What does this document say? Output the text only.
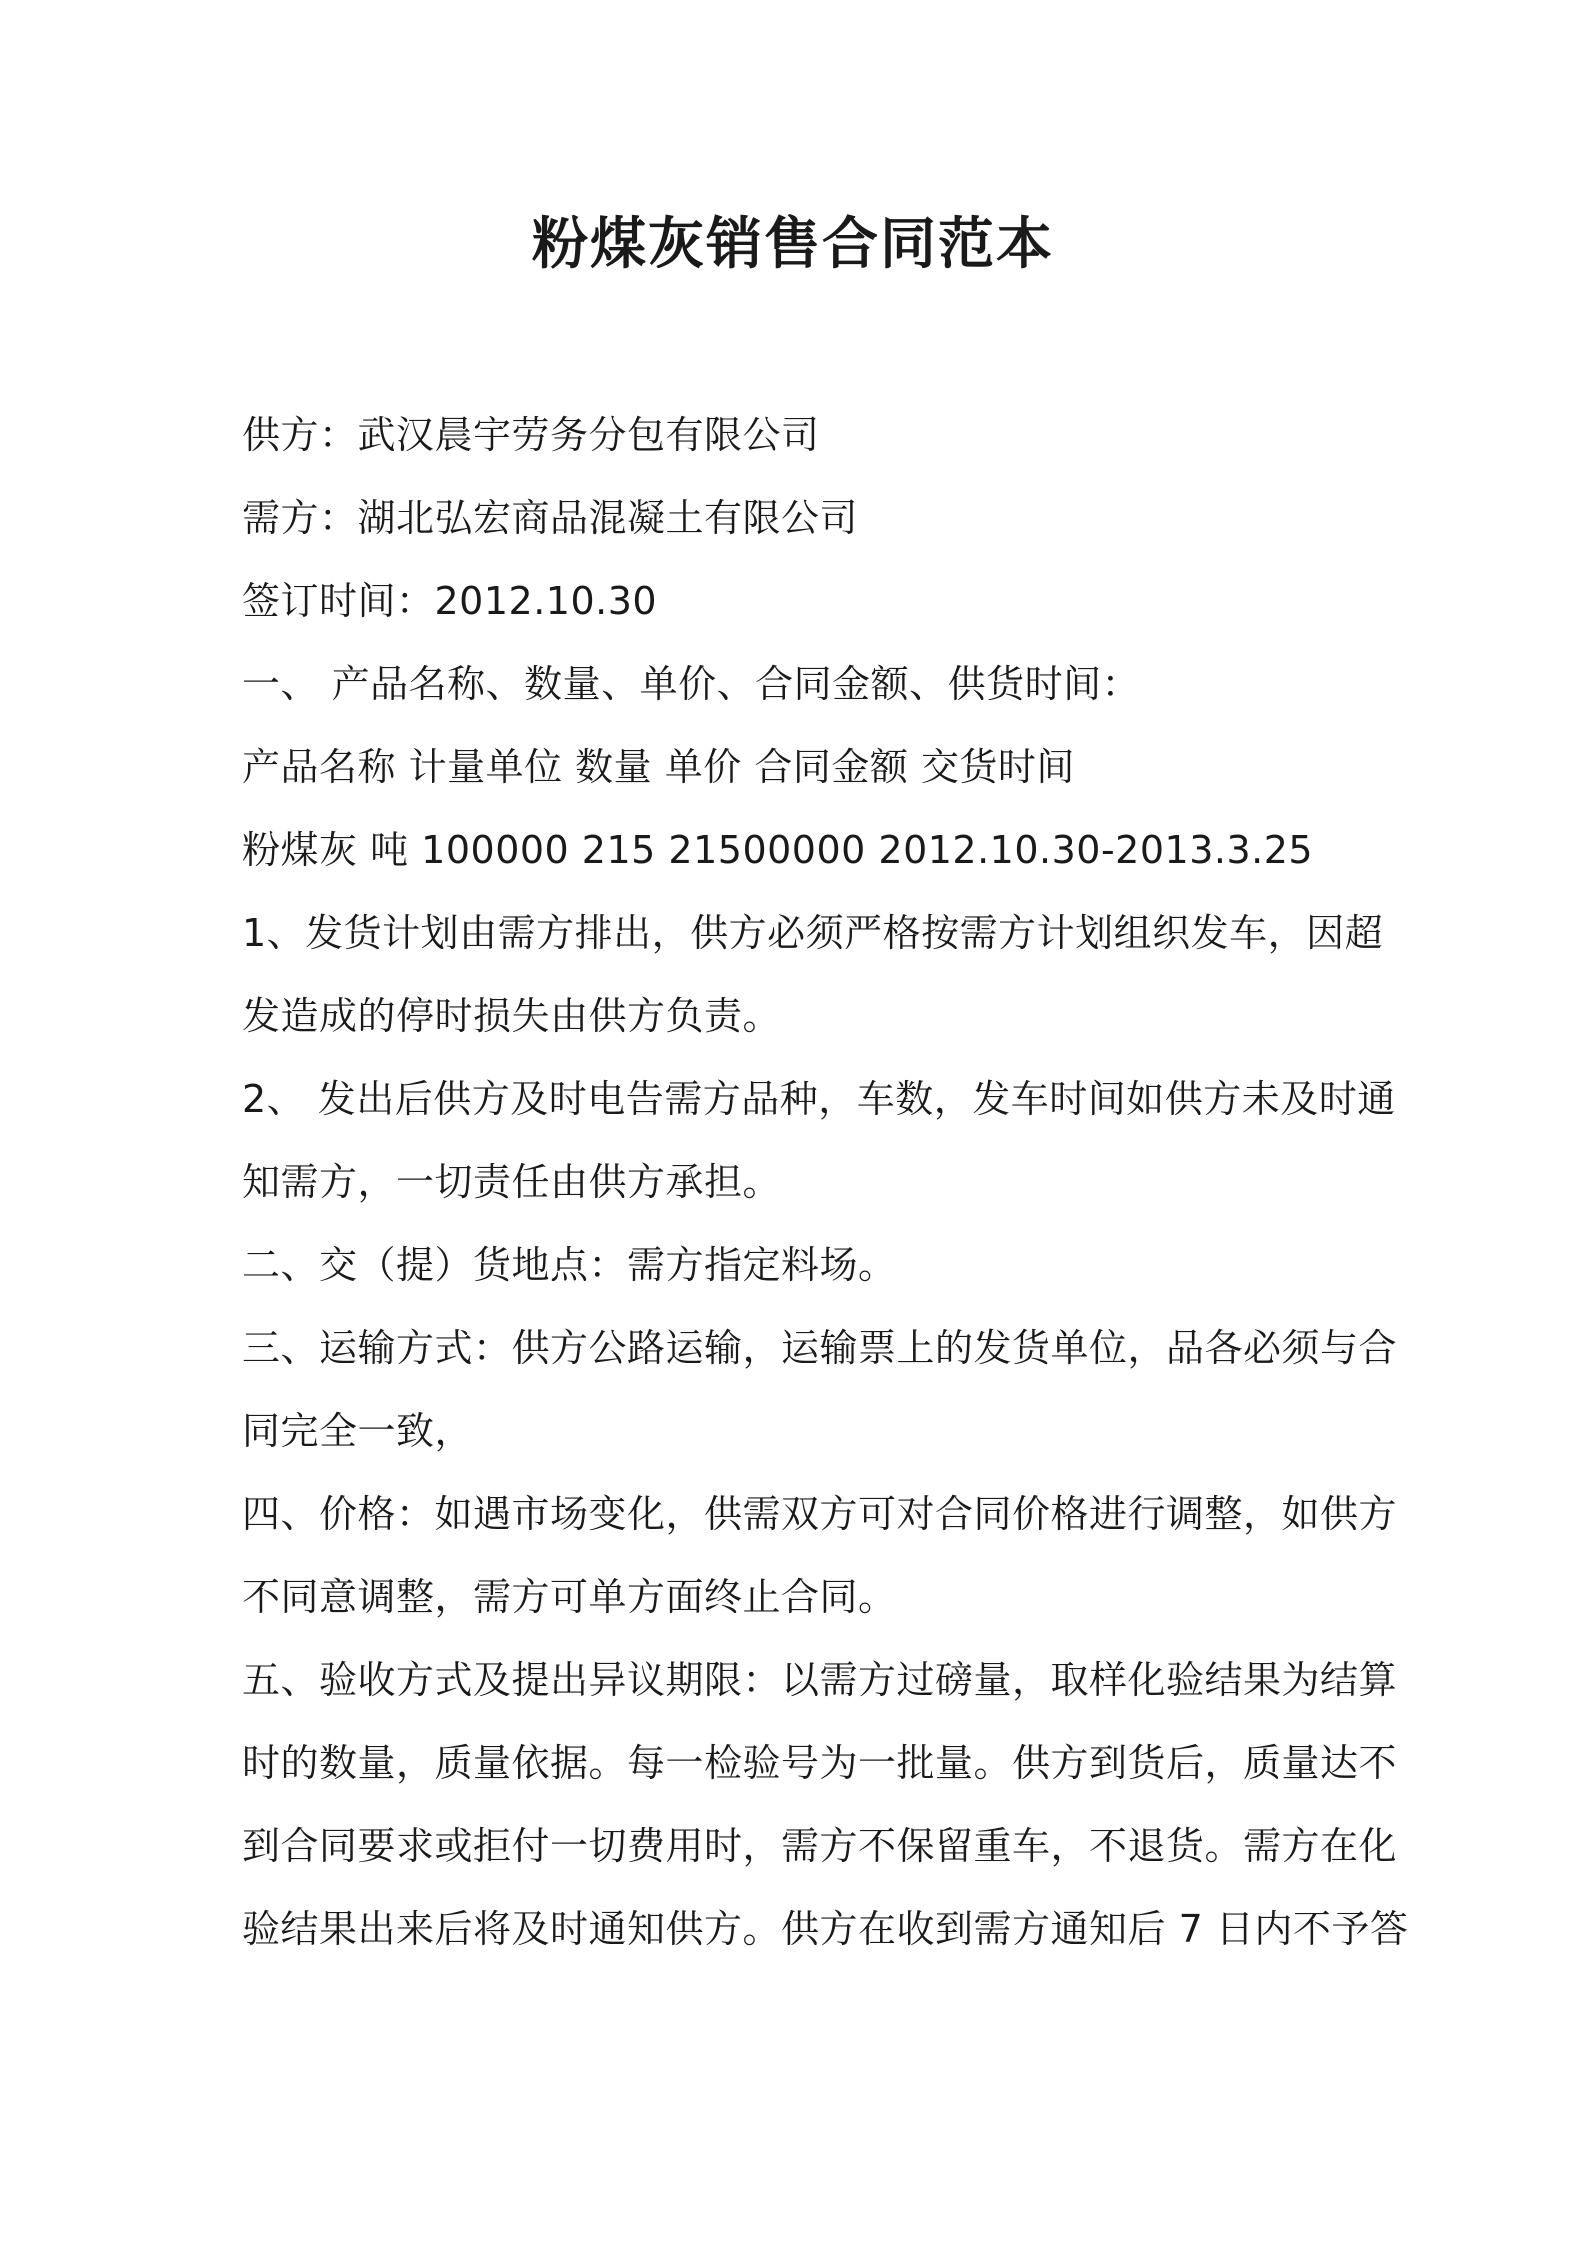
粉煤灰销售合同范本
供方：武汉晨宇劳务分包有限公司
需方：湖北弘宏商品混凝土有限公司
签订时间：2012.10.30
一、 产品名称、数量、单价、合同金额、供货时间：
产品名称 计量单位 数量 单价 合同金额 交货时间
粉煤灰 吨 100000 215 21500000 2012.10.30-2013.3.25
1、发货计划由需方排出，供方必须严格按需方计划组织发车，因超
发造成的停时损失由供方负责。
2、 发出后供方及时电告需方品种，车数，发车时间如供方未及时通
知需方，一切责任由供方承担。
二、交（提）货地点：需方指定料场。
三、运输方式：供方公路运输，运输票上的发货单位，品各必须与合
同完全一致，
四、价格：如遇市场变化，供需双方可对合同价格进行调整，如供方
不同意调整，需方可单方面终止合同。
五、验收方式及提出异议期限：以需方过磅量，取样化验结果为结算
时的数量，质量依据。每一检验号为一批量。供方到货后，质量达不
到合同要求或拒付一切费用时，需方不保留重车，不退货。需方在化
验结果出来后将及时通知供方。供方在收到需方通知后 7 日内不予答
